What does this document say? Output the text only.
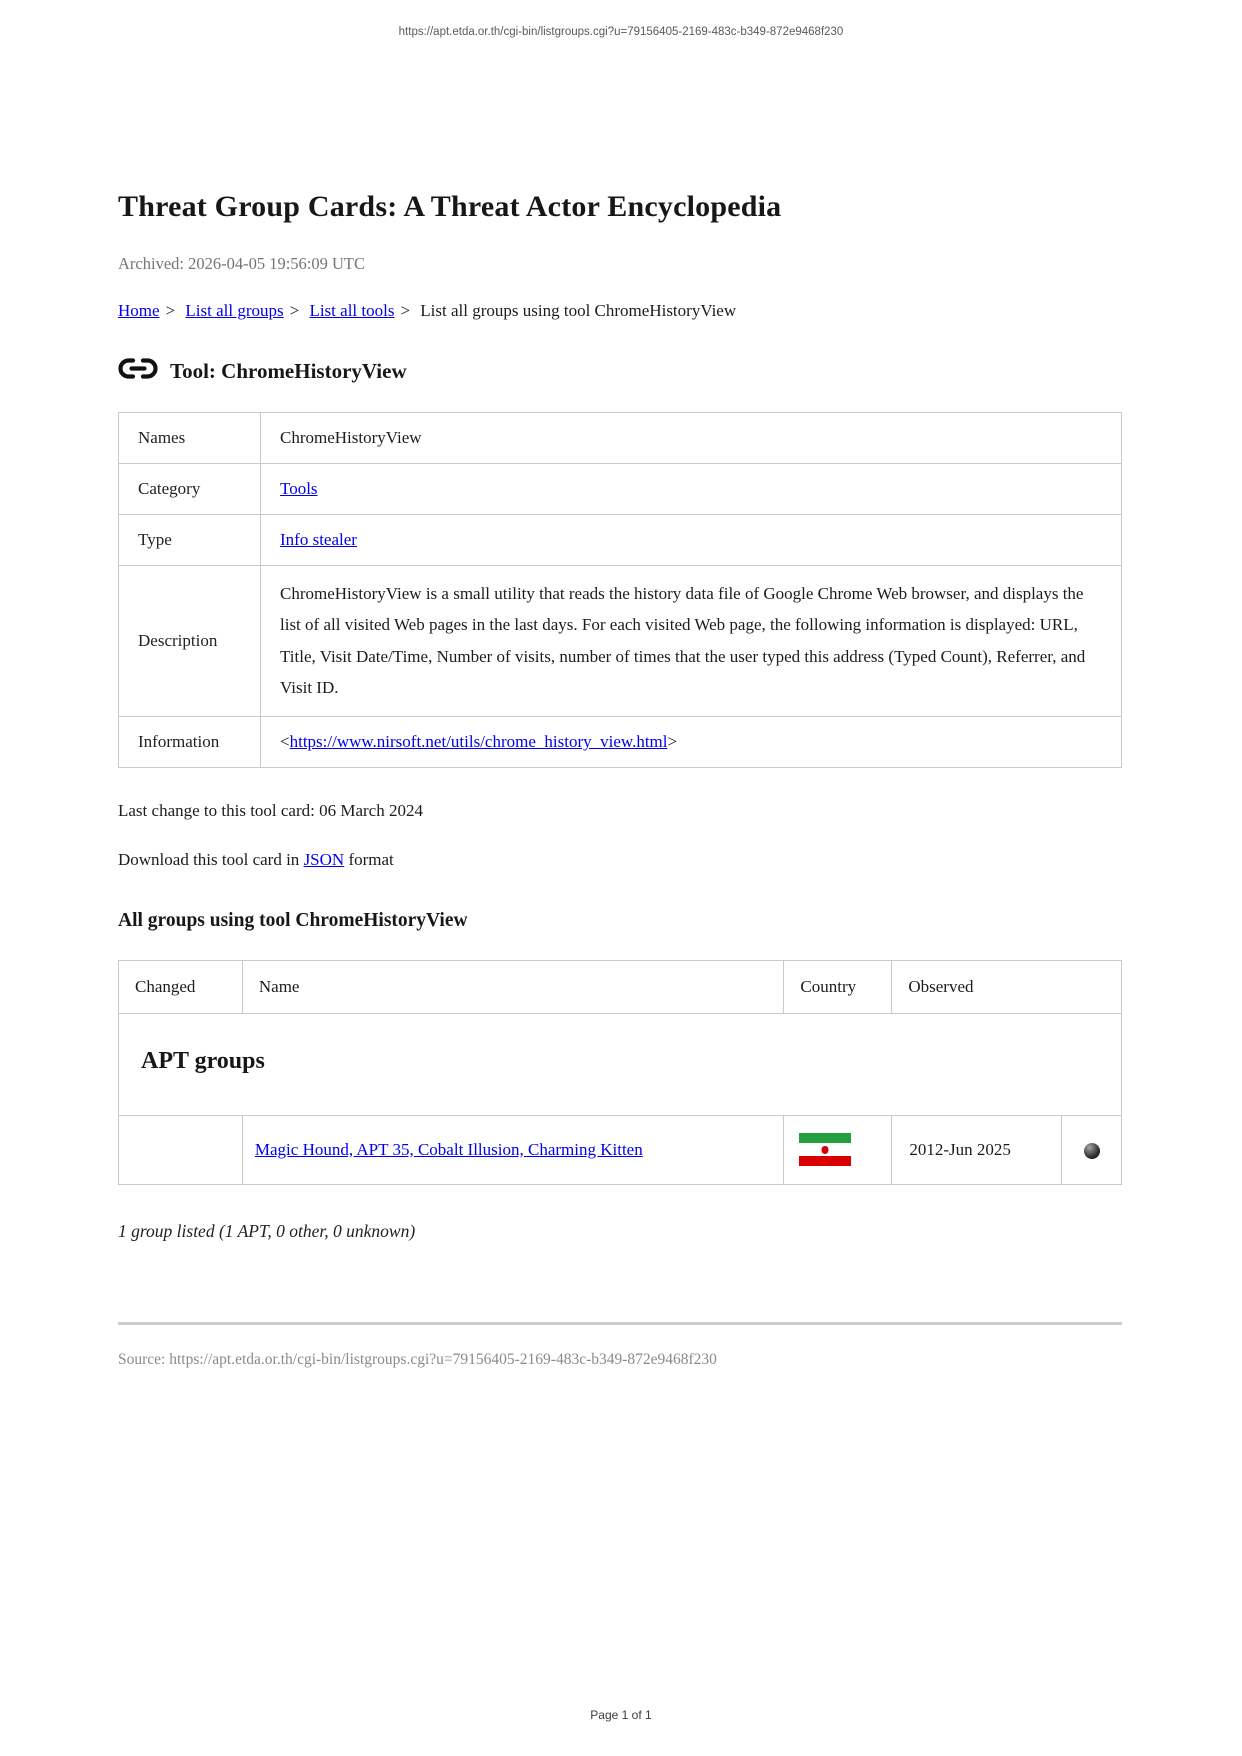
https://apt.etda.or.th/cgi-bin/listgroups.cgi?u=79156405-2169-483c-b349-872e9468f230
Threat Group Cards: A Threat Actor Encyclopedia
Archived: 2026-04-05 19:56:09 UTC
Home > List all groups > List all tools > List all groups using tool ChromeHistoryView
Tool: ChromeHistoryView
Names	ChromeHistoryView
Category	Tools
Type	Info stealer
Description	ChromeHistoryView is a small utility that reads the history data file of Google Chrome Web browser, and displays the list of all visited Web pages in the last days. For each visited Web page, the following information is displayed: URL, Title, Visit Date/Time, Number of visits, number of times that the user typed this address (Typed Count), Referrer, and Visit ID.
Information	<https://www.nirsoft.net/utils/chrome_history_view.html>
Last change to this tool card: 06 March 2024
Download this tool card in JSON format
All groups using tool ChromeHistoryView
Changed	Name	Country	Observed	
APT groups				
	Magic Hound, APT 35, Cobalt Illusion, Charming Kitten		2012-Jun 2025	
1 group listed (1 APT, 0 other, 0 unknown)
Source: https://apt.etda.or.th/cgi-bin/listgroups.cgi?u=79156405-2169-483c-b349-872e9468f230
Page 1 of 1
